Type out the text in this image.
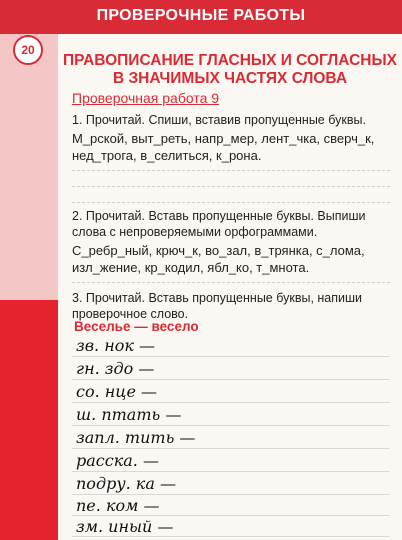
ПРОВЕРОЧНЫЕ РАБОТЫ
20
ПРАВОПИСАНИЕ ГЛАСНЫХ И СОГЛАСНЫХ
В ЗНАЧИМЫХ ЧАСТЯХ СЛОВА
Проверочная работа 9
1. Прочитай. Спиши, вставив пропущенные буквы.
М_рской, выт_реть, напр_мер, лент_чка, сверч_к,
нед_трога, в_селиться, к_рона.
2. Прочитай. Вставь пропущенные буквы. Выпиши слова с непроверяемыми орфограммами.
С_ребр_ный, крюч_к, во_зал, в_трянка, с_лома,
изл_жение, кр_кодил, ябл_ко, т_мнота.
3. Прочитай. Вставь пропущенные буквы, напиши проверочное слово.
Веселье — весело
зв. нок —
гн. здо —
со. нце —
ш. птать —
запл. тить —
расска. —
подру. ка —
пе. ком —
зм. иный —
